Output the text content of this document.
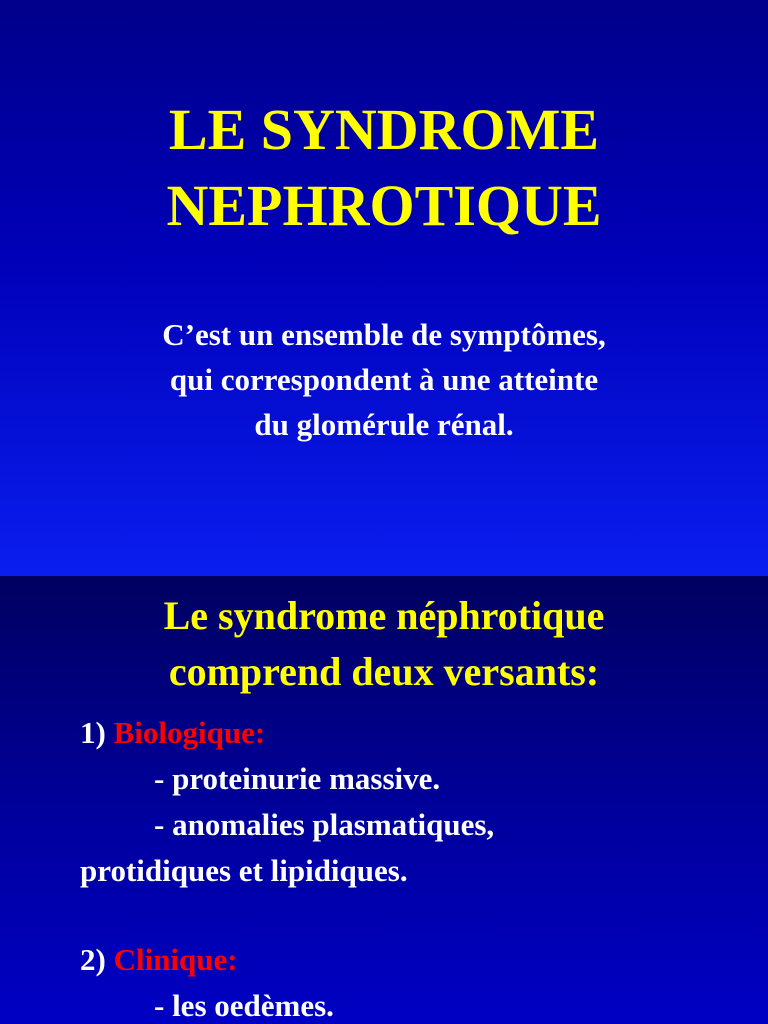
LE SYNDROME
NEPHROTIQUE
C’est un ensemble de symptômes,
qui correspondent à une atteinte
du glomérule rénal.
Le syndrome néphrotique
comprend deux versants:
1) Biologique:
- proteinurie massive.
- anomalies plasmatiques,
protidiques et lipidiques.
2) Clinique:
- les oedèmes.
